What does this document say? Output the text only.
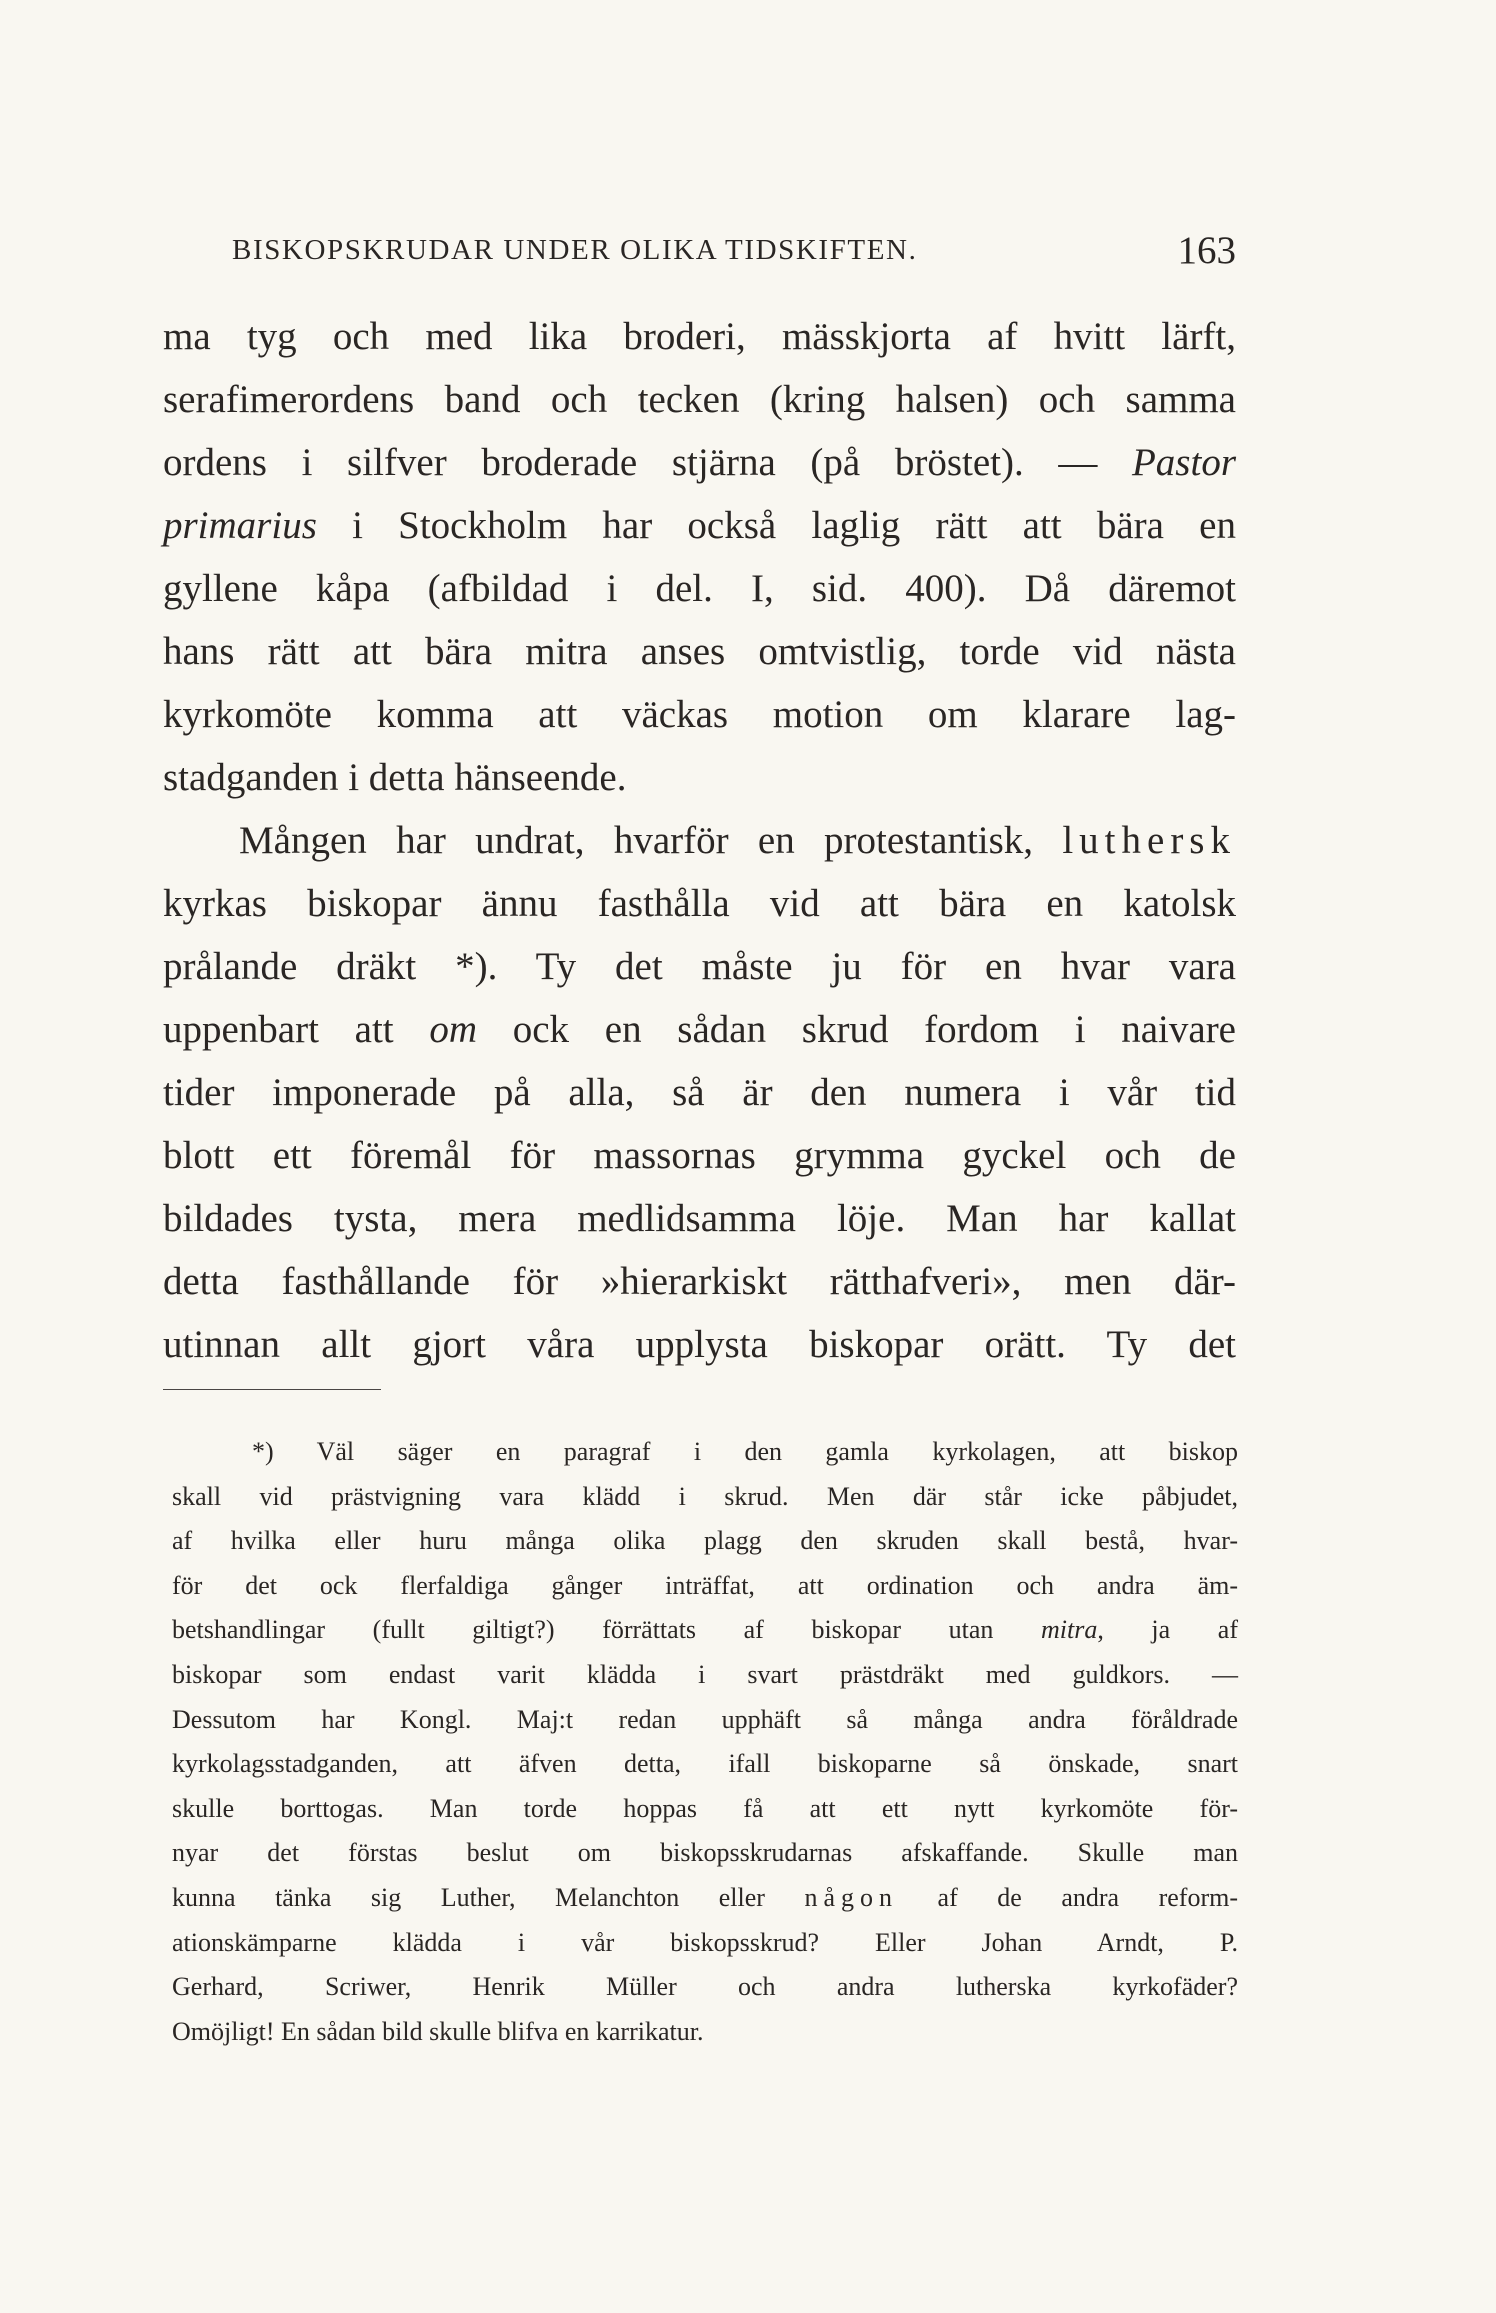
BISKOPSKRUDAR UNDER OLIKA TIDSKIFTEN.	163
ma tyg och med lika broderi, mässkjorta af hvitt lärft,
serafimerordens band och tecken (kring halsen) och samma
ordens i silfver broderade stjärna (på bröstet). — Pastor
primarius i Stockholm har också laglig rätt att bära en
gyllene kåpa (afbildad i del. I, sid. 400). Då däremot
hans rätt att bära mitra anses omtvistlig, torde vid nästa
kyrkomöte komma att väckas motion om klarare lag-
stadganden i detta hänseende.
Mången har undrat, hvarför en protestantisk, luthersk
kyrkas biskopar ännu fasthålla vid att bära en katolsk
prålande dräkt *). Ty det måste ju för en hvar vara
uppenbart att om ock en sådan skrud fordom i naivare
tider imponerade på alla, så är den numera i vår tid
blott ett föremål för massornas grymma gyckel och de
bildades tysta, mera medlidsamma löje. Man har kallat
detta fasthållande för »hierarkiskt rätthafveri», men där-
utinnan allt gjort våra upplysta biskopar orätt. Ty det
*) Väl säger en paragraf i den gamla kyrkolagen, att biskop
skall vid prästvigning vara klädd i skrud. Men där står icke påbjudet,
af hvilka eller huru många olika plagg den skruden skall bestå, hvar-
för det ock flerfaldiga gånger inträffat, att ordination och andra äm-
betshandlingar (fullt giltigt?) förrättats af biskopar utan mitra, ja af
biskopar som endast varit klädda i svart prästdräkt med guldkors. —
Dessutom har Kongl. Maj:t redan upphäft så många andra föråldrade
kyrkolagsstadganden, att äfven detta, ifall biskoparne så önskade, snart
skulle borttogas. Man torde hoppas få att ett nytt kyrkomöte för-
nyar det förstas beslut om biskopsskrudarnas afskaffande. Skulle man
kunna tänka sig Luther, Melanchton eller någon af de andra reform-
ationskämparne klädda i vår biskopsskrud? Eller Johan Arndt, P.
Gerhard, Scriwer, Henrik Müller och andra lutherska kyrkofäder?
Omöjligt! En sådan bild skulle blifva en karrikatur.
